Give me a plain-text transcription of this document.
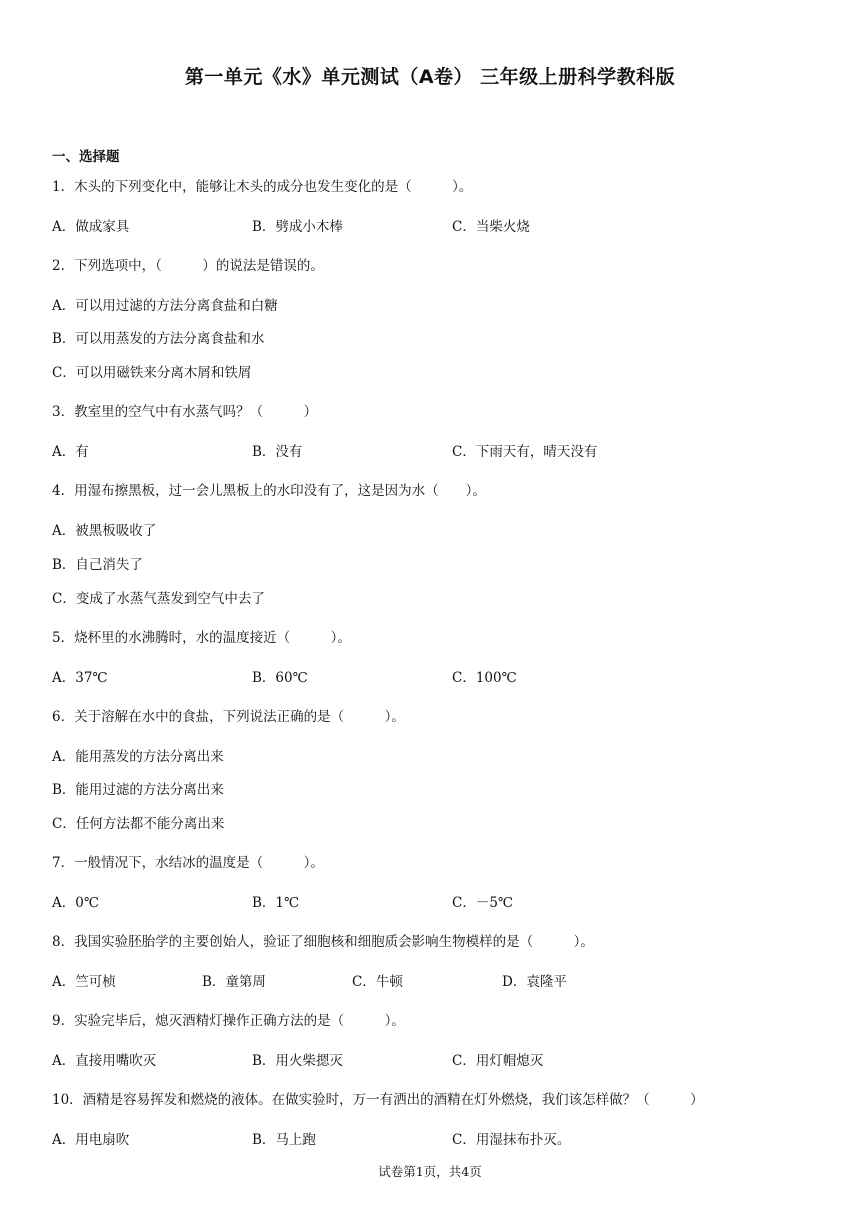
第一单元《水》单元测试（A卷） 三年级上册科学教科版
一、选择题
1．木头的下列变化中，能够让木头的成分也发生变化的是（　　　）。
A．做成家具	B．劈成小木棒	C．当柴火烧
2．下列选项中，（　　　）的说法是错误的。
A．可以用过滤的方法分离食盐和白糖
B．可以用蒸发的方法分离食盐和水
C．可以用磁铁来分离木屑和铁屑
3．教室里的空气中有水蒸气吗？（　　　）
A．有	B．没有	C．下雨天有，晴天没有
4．用湿布擦黑板，过一会儿黑板上的水印没有了，这是因为水（　　）。
A．被黑板吸收了
B．自己消失了
C．变成了水蒸气蒸发到空气中去了
5．烧杯里的水沸腾时，水的温度接近（　　　）。
A．37℃	B．60℃	C．100℃
6．关于溶解在水中的食盐，下列说法正确的是（　　　）。
A．能用蒸发的方法分离出来
B．能用过滤的方法分离出来
C．任何方法都不能分离出来
7．一般情况下，水结冰的温度是（　　　）。
A．0℃	B．1℃	C．－5℃
8．我国实验胚胎学的主要创始人，验证了细胞核和细胞质会影响生物模样的是（　　　）。
A．竺可桢	B．童第周	C．牛顿	D．袁隆平
9．实验完毕后，熄灭酒精灯操作正确方法的是（　　　）。
A．直接用嘴吹灭	B．用火柴摁灭	C．用灯帽熄灭
10．酒精是容易挥发和燃烧的液体。在做实验时，万一有洒出的酒精在灯外燃烧，我们该怎样做？（　　　）
A．用电扇吹	B．马上跑	C．用湿抹布扑灭。
试卷第1页，共4页
